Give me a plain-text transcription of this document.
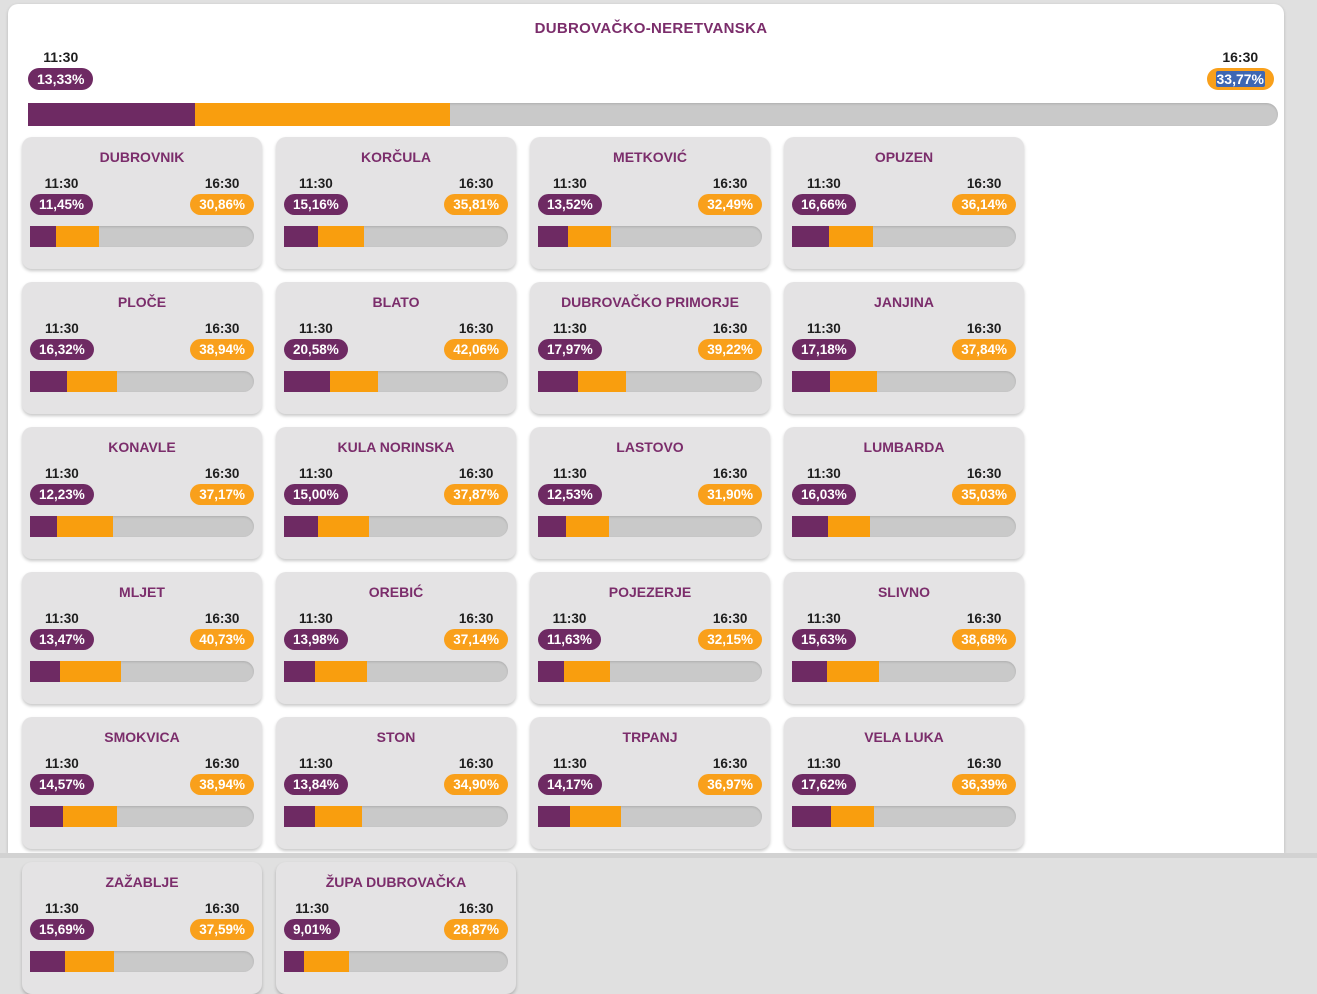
DUBROVAČKO-NERETVANSKA
11:30
13,33%
16:30
33,77%
DUBROVNIK
11:30
11,45%
16:30
30,86%
KORČULA
11:30
15,16%
16:30
35,81%
METKOVIĆ
11:30
13,52%
16:30
32,49%
OPUZEN
11:30
16,66%
16:30
36,14%
PLOČE
11:30
16,32%
16:30
38,94%
BLATO
11:30
20,58%
16:30
42,06%
DUBROVAČKO PRIMORJE
11:30
17,97%
16:30
39,22%
JANJINA
11:30
17,18%
16:30
37,84%
KONAVLE
11:30
12,23%
16:30
37,17%
KULA NORINSKA
11:30
15,00%
16:30
37,87%
LASTOVO
11:30
12,53%
16:30
31,90%
LUMBARDA
11:30
16,03%
16:30
35,03%
MLJET
11:30
13,47%
16:30
40,73%
OREBIĆ
11:30
13,98%
16:30
37,14%
POJEZERJE
11:30
11,63%
16:30
32,15%
SLIVNO
11:30
15,63%
16:30
38,68%
SMOKVICA
11:30
14,57%
16:30
38,94%
STON
11:30
13,84%
16:30
34,90%
TRPANJ
11:30
14,17%
16:30
36,97%
VELA LUKA
11:30
17,62%
16:30
36,39%
ZAŽABLJE
11:30
15,69%
16:30
37,59%
ŽUPA DUBROVAČKA
11:30
9,01%
16:30
28,87%
